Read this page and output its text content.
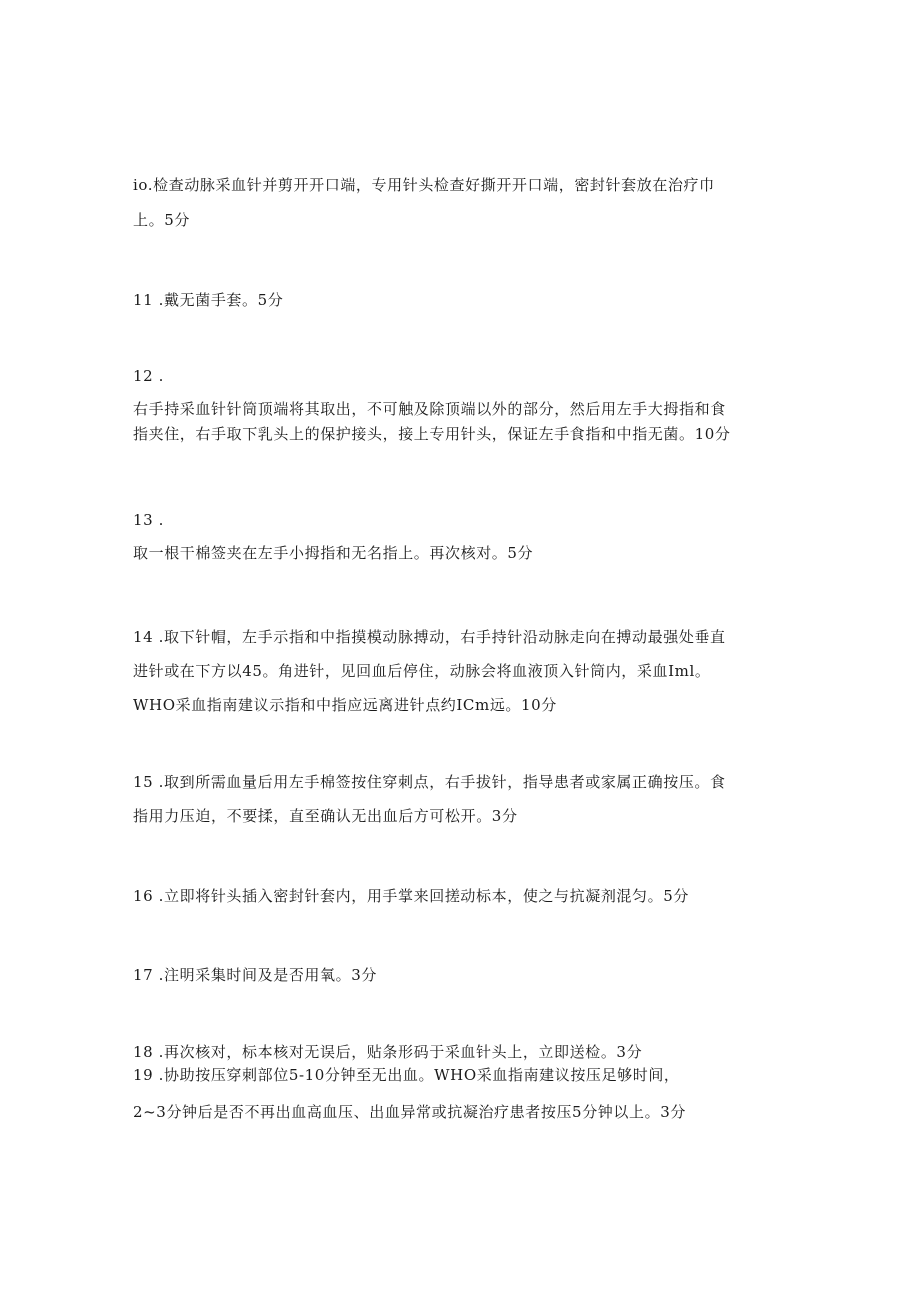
io.检查动脉采血针并剪开开口端，专用针头检查好撕开开口端，密封针套放在治疗巾
上。5分
11 .戴无菌手套。5分
12 .
右手持采血针针筒顶端将其取出，不可触及除顶端以外的部分，然后用左手大拇指和食
指夹住，右手取下乳头上的保护接头，接上专用针头，保证左手食指和中指无菌。10分
13 .
取一根干棉签夹在左手小拇指和无名指上。再次核对。5分
14 .取下针帽，左手示指和中指摸模动脉搏动，右手持针沿动脉走向在搏动最强处垂直
进针或在下方以45。角进针，见回血后停住，动脉会将血液顶入针筒内，采血Iml。
WHO采血指南建议示指和中指应远离进针点约ICm远。10分
15 .取到所需血量后用左手棉签按住穿刺点，右手拔针，指导患者或家属正确按压。食
指用力压迫，不要揉，直至确认无出血后方可松开。3分
16 .立即将针头插入密封针套内，用手掌来回搓动标本，使之与抗凝剂混匀。5分
17 .注明采集时间及是否用氧。3分
18 .再次核对，标本核对无误后，贴条形码于采血针头上，立即送检。3分
19 .协助按压穿刺部位5-10分钟至无出血。WHO采血指南建议按压足够时间，
2~3分钟后是否不再出血高血压、出血异常或抗凝治疗患者按压5分钟以上。3分
